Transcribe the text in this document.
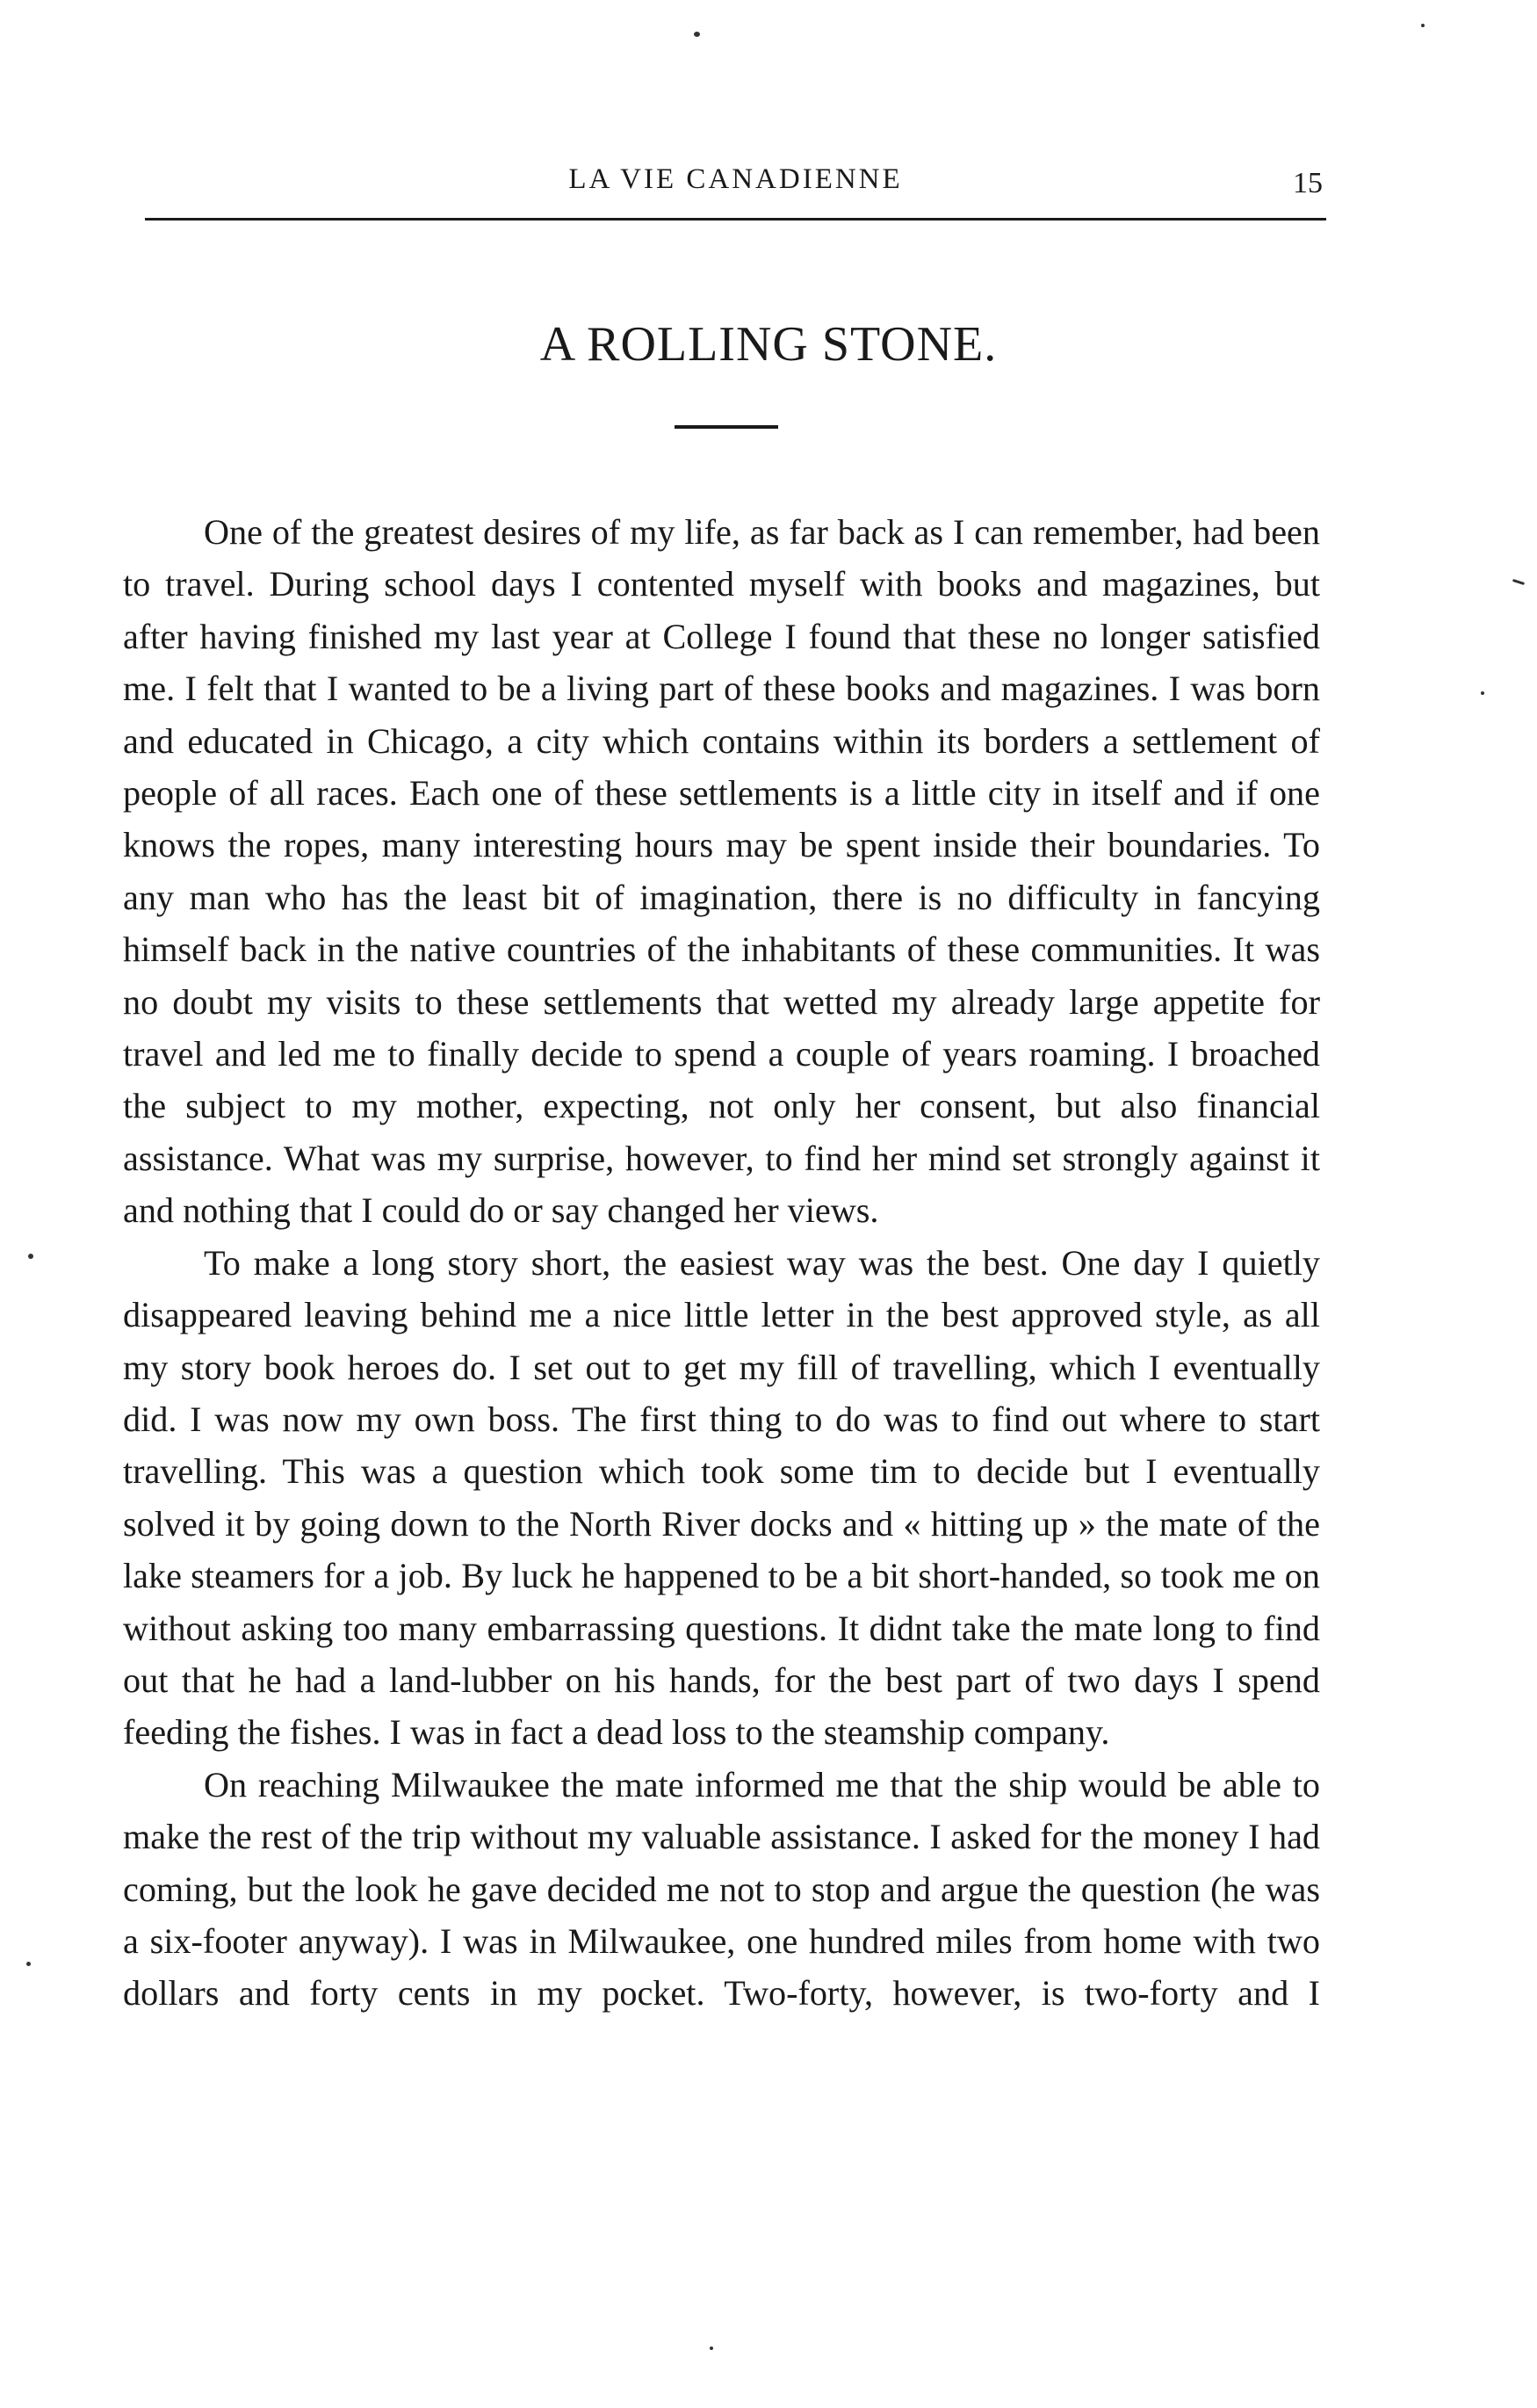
LA VIE CANADIENNE	15
A ROLLING STONE.

One of the greatest desires of my life, as far back as I can remember, had been to travel. During school days I contented myself with books and magazines, but after having finished my last year at College I found that these no longer satisfied me. I felt that I wanted to be a living part of these books and magazines. I was born and educated in Chicago, a city which contains within its borders a settlement of people of all races. Each one of these settlements is a little city in itself and if one knows the ropes, many interesting hours may be spent inside their boundaries. To any man who has the least bit of imagination, there is no difficulty in fancying himself back in the native countries of the inhabitants of these communities. It was no doubt my visits to these settlements that wetted my already large appetite for travel and led me to finally decide to spend a couple of years roaming. I broached the subject to my mother, expecting, not only her consent, but also financial assistance. What was my surprise, however, to find her mind set strongly against it and nothing that I could do or say changed her views.

To make a long story short, the easiest way was the best. One day I quietly disappeared leaving behind me a nice little letter in the best approved style, as all my story book heroes do. I set out to get my fill of travelling, which I eventually did. I was now my own boss. The first thing to do was to find out where to start travelling. This was a question which took some tim to decide but I eventually solved it by going down to the North River docks and « hitting up » the mate of the lake steamers for a job. By luck he happened to be a bit short-handed, so took me on without asking too many embarrassing questions. It didnt take the mate long to find out that he had a land-lubber on his hands, for the best part of two days I spend feeding the fishes. I was in fact a dead loss to the steamship company.

On reaching Milwaukee the mate informed me that the ship would be able to make the rest of the trip without my valuable assistance. I asked for the money I had coming, but the look he gave decided me not to stop and argue the question (he was a six-footer anyway). I was in Milwaukee, one hundred miles from home with two dollars and forty cents in my pocket. Two-forty, however, is two-forty and I
